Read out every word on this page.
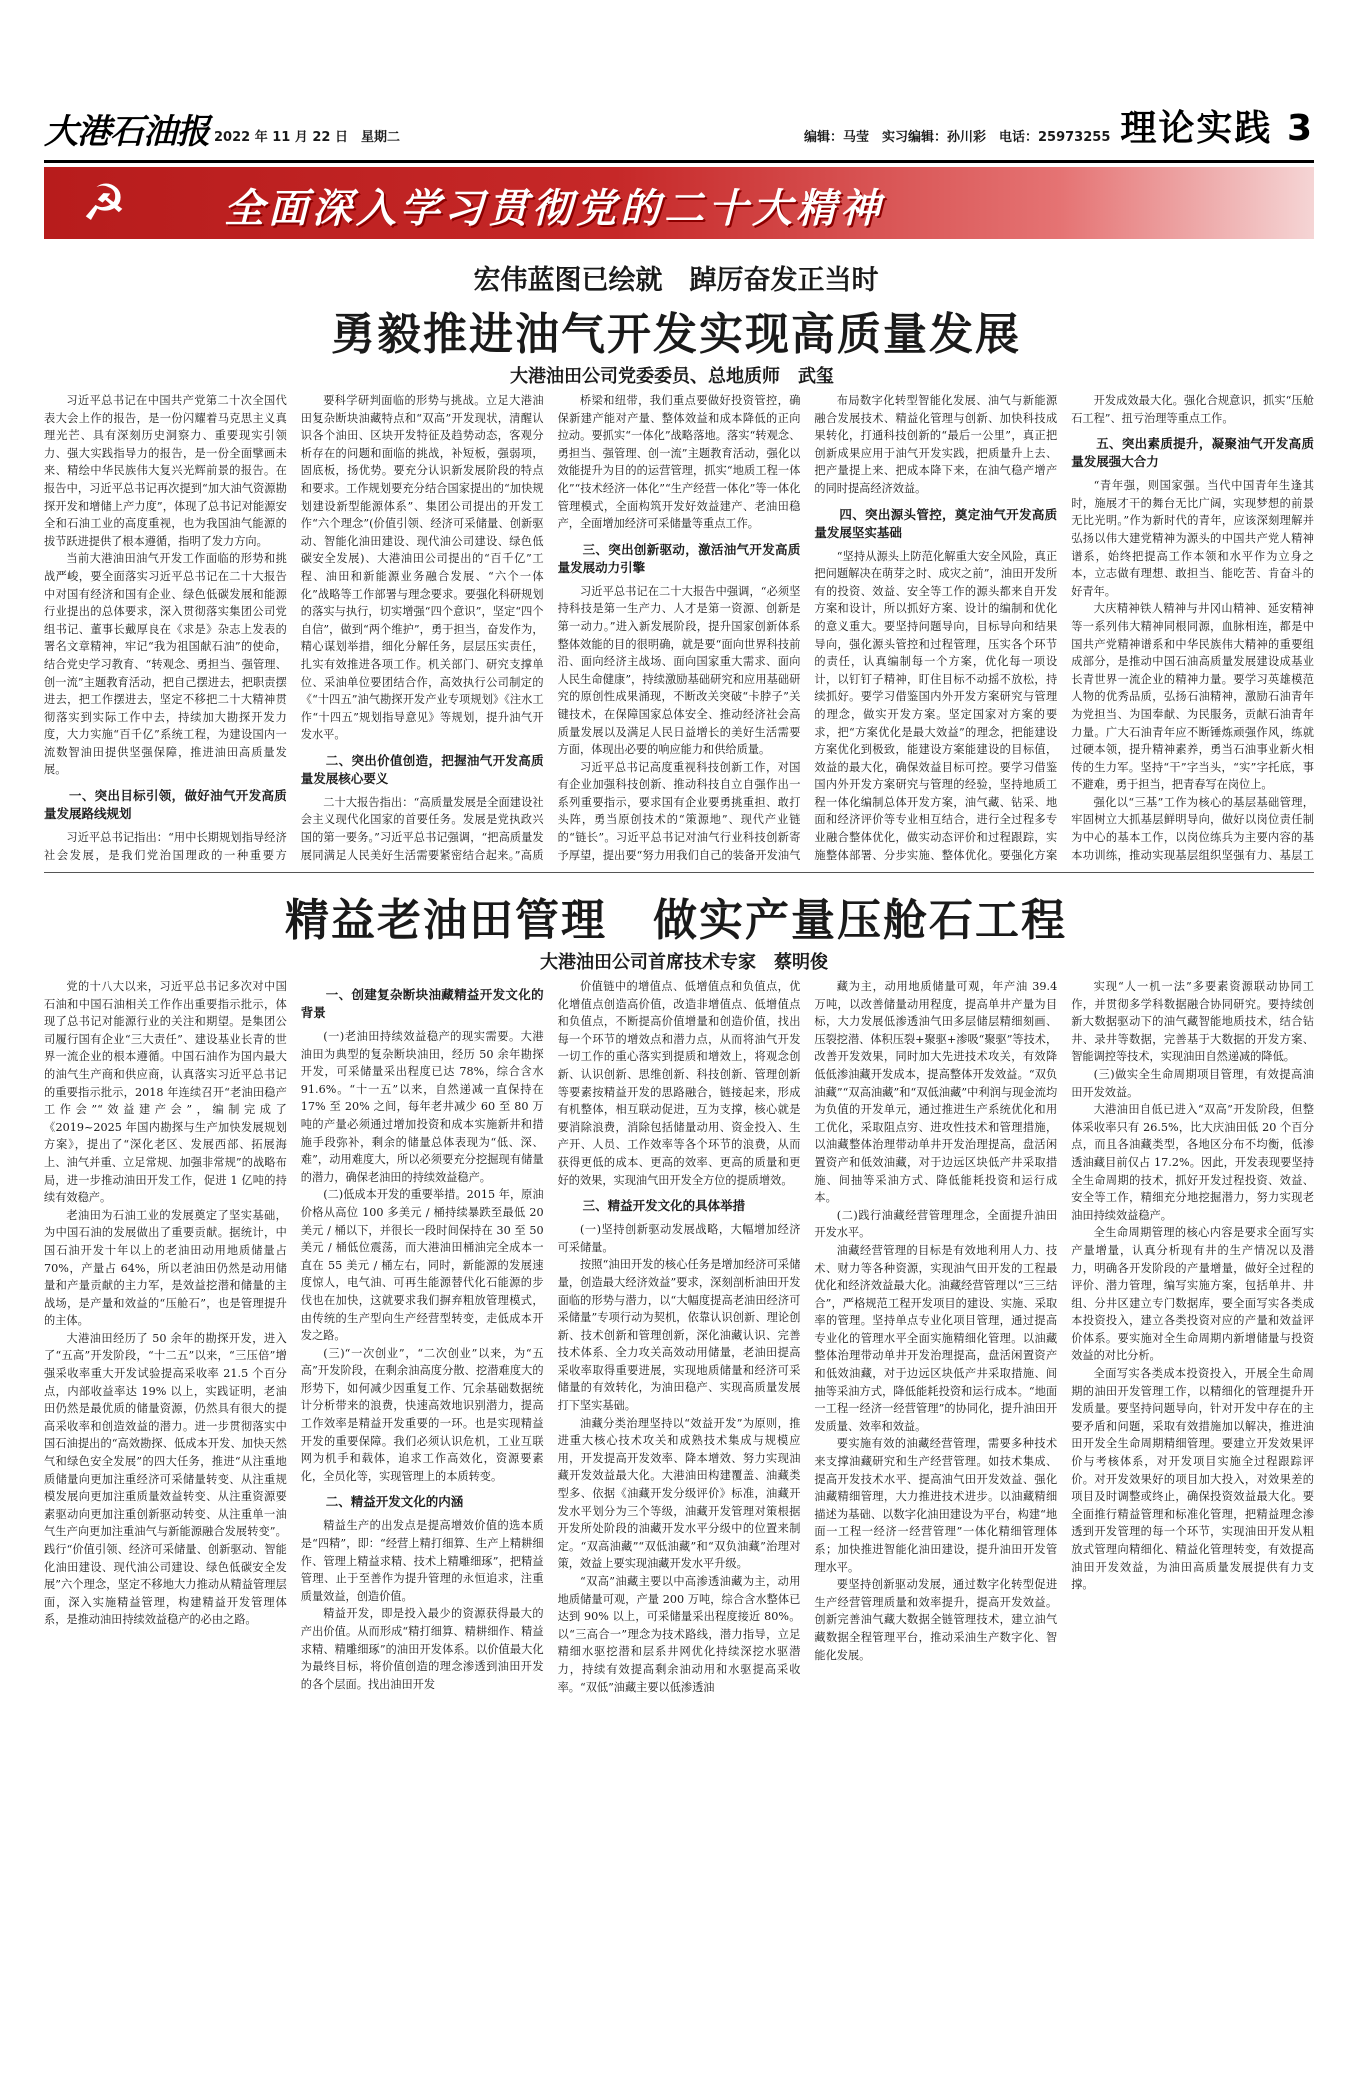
大港石油报 2022 年 11 月 22 日　星期二	编辑：马莹　实习编辑：孙川彩　电话：25973255 理论实践 3
☭ 全面深入学习贯彻党的二十大精神
宏伟蓝图已绘就　踔厉奋发正当时
勇毅推进油气开发实现高质量发展
大港油田公司党委委员、总地质师　武玺

习近平总书记在中国共产党第二十次全国代表大会上作的报告，是一份闪耀着马克思主义真理光芒、具有深刻历史洞察力、重要现实引领力、强大实践指导力的报告，是一份全面擘画未来、精绘中华民族伟大复兴光辉前景的报告。在报告中，习近平总书记再次提到“加大油气资源勘探开发和增储上产力度”，体现了总书记对能源安全和石油工业的高度重视，也为我国油气能源的拔节跃进提供了根本遵循，指明了发力方向。

当前大港油田油气开发工作面临的形势和挑战严峻，要全面落实习近平总书记在二十大报告中对国有经济和国有企业、绿色低碳发展和能源行业提出的总体要求，深入贯彻落实集团公司党组书记、董事长戴厚良在《求是》杂志上发表的署名文章精神，牢记“我为祖国献石油”的使命，结合党史学习教育、“转观念、勇担当、强管理、创一流”主题教育活动，把自己摆进去，把职责摆进去，把工作摆进去，坚定不移把二十大精神贯彻落实到实际工作中去，持续加大勘探开发力度，大力实施“百千亿”系统工程，为建设国内一流数智油田提供坚强保障，推进油田高质量发展。

一、突出目标引领，做好油气开发高质量发展路线规划

习近平总书记指出：“用中长期规划指导经济社会发展，是我们党治国理政的一种重要方

要科学研判面临的形势与挑战。立足大港油田复杂断块油藏特点和“双高”开发现状，清醒认识各个油田、区块开发特征及趋势动态，客观分析存在的问题和面临的挑战，补短板，强弱项，固底板，扬优势。要充分认识新发展阶段的特点和要求。工作规划要充分结合国家提出的“加快规划建设新型能源体系”、集团公司提出的开发工作“六个理念”(价值引领、经济可采储量、创新驱动、智能化油田建设、现代油公司建设、绿色低碳安全发展)、大港油田公司提出的“百千亿”工程、油田和新能源业务融合发展、“六个一体化”战略等工作部署与理念要求。要强化科研规划的落实与执行，切实增强“四个意识”，坚定“四个自信”，做到“两个维护”，勇于担当，奋发作为，精心谋划举措，细化分解任务，层层压实责任，扎实有效推进各项工作。机关部门、研究支撑单位、采油单位要团结合作，高效执行公司制定的《“十四五”油气勘探开发产业专项规划》《注水工作“十四五”规划指导意见》等规划，提升油气开发水平。

二、突出价值创造，把握油气开发高质量发展核心要义

二十大报告指出：“高质量发展是全面建设社会主义现代化国家的首要任务。发展是党执政兴国的第一要务。”习近平总书记强调，“把高质量发展同满足人民美好生活需要紧密结合起来。”高质

桥梁和纽带，我们重点要做好投资管控，确保新建产能对产量、整体效益和成本降低的正向拉动。要抓实“一体化”战略落地。落实“转观念、勇担当、强管理、创一流”主题教育活动，强化以效能提升为目的的运营管理，抓实“地质工程一体化”“技术经济一体化”“生产经营一体化”等一体化管理模式，全面构筑开发好效益建产、老油田稳产，全面增加经济可采储量等重点工作。

三、突出创新驱动，激活油气开发高质量发展动力引擎

习近平总书记在二十大报告中强调，“必须坚持科技是第一生产力、人才是第一资源、创新是第一动力。”进入新发展阶段，提升国家创新体系整体效能的目的很明确，就是要“面向世界科技前沿、面向经济主战场、面向国家重大需求、面向人民生命健康”，持续激励基础研究和应用基础研究的原创性成果涌现，不断改关突破“卡脖子”关键技术，在保障国家总体安全、推动经济社会高质量发展以及满足人民日益增长的美好生活需要方面，体现出必要的响应能力和供给质量。

习近平总书记高度重视科技创新工作，对国有企业加强科技创新、推动科技自立自强作出一系列重要指示，要求国有企业要勇挑重担、敢打头阵，勇当原创技术的“策源地”、现代产业链的“链长”。习近平总书记对油气行业科技创新寄予厚望，提出要“努力用我们自己的装备开发油气

布局数字化转型智能化发展、油气与新能源融合发展技术、精益化管理与创新、加快科技成果转化，打通科技创新的“最后一公里”，真正把创新成果应用于油气开发实践，把质量升上去、把产量提上来、把成本降下来，在油气稳产增产的同时提高经济效益。

四、突出源头管控，奠定油气开发高质量发展坚实基础

“坚持从源头上防范化解重大安全风险，真正把问题解决在萌芽之时、成灾之前”，油田开发所有的投资、效益、安全等工作的源头都来自开发方案和设计，所以抓好方案、设计的编制和优化的意义重大。要坚持问题导向，目标导向和结果导向，强化源头管控和过程管理，压实各个环节的责任，认真编制每一个方案，优化每一项设计，以钉钉子精神，盯住目标不动摇不放松，持续抓好。要学习借鉴国内外开发方案研究与管理的理念，做实开发方案。坚定国家对方案的要求，把“方案优化是最大效益”的理念，把能建设方案优化到极致，能建设方案能建设的目标值，效益的最大化，确保效益目标可控。要学习借鉴国内外开发方案研究与管理的经验，坚持地质工程一体化编制总体开发方案，油气藏、钻采、地面和经济评价等专业相互结合，进行全过程多专业融合整体优化，做实动态评价和过程跟踪，实施整体部署、分步实施、整体优化。要强化方案

开发成效最大化。强化合规意识，抓实“压舱石工程”、扭亏治理等重点工作。

五、突出素质提升，凝聚油气开发高质量发展强大合力

“青年强，则国家强。当代中国青年生逢其时，施展才干的舞台无比广阔，实现梦想的前景无比光明。”作为新时代的青年，应该深刻理解并弘扬以伟大建党精神为源头的中国共产党人精神谱系，始终把提高工作本领和水平作为立身之本，立志做有理想、敢担当、能吃苦、肯奋斗的好青年。

大庆精神铁人精神与井冈山精神、延安精神等一系列伟大精神同根同源，血脉相连，都是中国共产党精神谱系和中华民族伟大精神的重要组成部分，是推动中国石油高质量发展建设成基业长青世界一流企业的精神力量。要学习英雄模范人物的优秀品质，弘扬石油精神，激励石油青年为党担当、为国奉献、为民服务，贡献石油青年力量。广大石油青年应不断锤炼顽强作风，练就过硬本领，提升精神素养，勇当石油事业新火相传的生力军。坚持“干”字当头，“实”字托底，事不避难，勇于担当，把青春写在岗位上。

强化以“三基”工作为核心的基层基础管理，牢固树立大抓基层鲜明导向，做好以岗位责任制为中心的基本工作，以岗位练兵为主要内容的基本功训练，推动实现基层组织坚强有力、基层工

精益老油田管理　做实产量压舱石工程
大港油田公司首席技术专家　蔡明俊

党的十八大以来，习近平总书记多次对中国石油和中国石油相关工作作出重要指示批示，体现了总书记对能源行业的关注和期望。是集团公司履行国有企业“三大责任”、建设基业长青的世界一流企业的根本遵循。中国石油作为国内最大的油气生产商和供应商，认真落实习近平总书记的重要指示批示，2018 年连续召开“老油田稳产工作会”“效益建产会”，编制完成了《2019~2025 年国内勘探与生产加快发展规划方案》，提出了“深化老区、发展西部、拓展海上、油气并重、立足常规、加强非常规”的战略布局，进一步推动油田开发工作，促进 1 亿吨的持续有效稳产。

老油田为石油工业的发展奠定了坚实基础，为中国石油的发展做出了重要贡献。据统计，中国石油开发十年以上的老油田动用地质储量占 70%，产量占 64%，所以老油田仍然是动用储量和产量贡献的主力军，是效益挖潜和储量的主战场，是产量和效益的“压舱石”，也是管理提升的主体。

大港油田经历了 50 余年的勘探开发，进入了“五高”开发阶段，“十二五”以来，“三压倍”增强采收率重大开发试验提高采收率 21.5 个百分点，内部收益率达 19% 以上，实践证明，老油田仍然是最优质的储量资源，仍然具有很大的提高采收率和创造效益的潜力。进一步贯彻落实中国石油提出的“高效勘探、低成本开发、加快天然气和绿色安全发展”的四大任务，推进“从注重地质储量向更加注重经济可采储量转变、从注重规模发展向更加注重质量效益转变、从注重资源要素驱动向更加注重创新驱动转变、从注重单一油气生产向更加注重油气与新能源融合发展转变”。践行“价值引领、经济可采储量、创新驱动、智能化油田建设、现代油公司建设、绿色低碳安全发展”六个理念，坚定不移地大力推动从精益管理层面，深入实施精益管理，构建精益开发管理体系，是推动油田持续效益稳产的必由之路。

一、创建复杂断块油藏精益开发文化的背景

(一)老油田持续效益稳产的现实需要。大港油田为典型的复杂断块油田，经历 50 余年勘探开发，可采储量采出程度已达 78%，综合含水 91.6%。“十一五”以来，自然递减一直保持在 17% 至 20% 之间，每年老井减少 60 至 80 万吨的产量必须通过增加投资和成本实施新井和措施手段弥补，剩余的储量总体表现为“低、深、难”，动用难度大，所以必须要充分挖掘现有储量的潜力，确保老油田的持续效益稳产。

(二)低成本开发的重要举措。2015 年，原油价格从高位 100 多美元 / 桶持续暴跌至最低 20 美元 / 桶以下，并很长一段时间保持在 30 至 50 美元 / 桶低位震荡，而大港油田桶油完全成本一直在 55 美元 / 桶左右，同时，新能源的发展速度惊人，电气油、可再生能源替代化石能源的步伐也在加快，这就要求我们摒弃粗放管理模式，由传统的生产型向生产经营型转变，走低成本开发之路。

(三)“一次创业”，“二次创业”以来，为“五高”开发阶段，在剩余油高度分散、挖潜难度大的形势下，如何减少因重复工作、冗余基础数据统计分析带来的浪费，快速高效地识别潜力，提高工作效率是精益开发重要的一环。也是实现精益开发的重要保障。我们必须认识危机，工业互联网为机手和载体，追求工作高效化，资源要素化，全员化等，实现管理上的本质转变。

二、精益开发文化的内涵

精益生产的出发点是提高增效价值的选本质是“四精”，即：“经营上精打细算、生产上精耕细作、管理上精益求精、技术上精雕细琢”，把精益管理、止于至善作为提升管理的永恒追求，注重质量效益，创造价值。

精益开发，即是投入最少的资源获得最大的产出价值。从而形成“精打细算、精耕细作、精益求精、精雕细琢”的油田开发体系。以价值最大化为最终目标，将价值创造的理念渗透到油田开发的各个层面。找出油田开发

价值链中的增值点、低增值点和负值点，优化增值点创造高价值，改造非增值点、低增值点和负值点，不断提高价值增量和创造价值，找出每一个环节的增效点和潜力点，从而将油气开发一切工作的重心落实到提质和增效上，将观念创新、认识创新、思维创新、科技创新、管理创新等要素按精益开发的思路融合，链接起来，形成有机整体，相互联动促进，互为支撑，核心就是要消除浪费，消除包括储量动用、资金投入、生产开、人员、工作效率等各个环节的浪费，从而获得更低的成本、更高的效率、更高的质量和更好的效果，实现油气田开发全方位的提质增效。

三、精益开发文化的具体举措

(一)坚持创新驱动发展战略，大幅增加经济可采储量。

按照“油田开发的核心任务是增加经济可采储量，创造最大经济效益”要求，深刻剖析油田开发面临的形势与潜力，以“大幅度提高老油田经济可采储量”专项行动为契机，依靠认识创新、理论创新、技术创新和管理创新，深化油藏认识、完善技术体系、全力攻关高效动用储量，老油田提高采收率取得重要进展，实现地质储量和经济可采储量的有效转化，为油田稳产、实现高质量发展打下坚实基础。

油藏分类治理坚持以“效益开发”为原则，推进重大核心技术攻关和成熟技术集成与规模应用，开发提高开发效率、降本增效、努力实现油藏开发效益最大化。大港油田构建覆盖、油藏类型多、依据《油藏开发分级评价》标准，油藏开发水平划分为三个等级，油藏开发管理对策根据开发所处阶段的油藏开发水平分级中的位置来制定。“双高油藏”“双低油藏”和“双负油藏”治理对策，效益上要实现油藏开发水平升级。

“双高”油藏主要以中高渗透油藏为主，动用地质储量可观，产量 200 万吨，综合含水整体已达到 90% 以上，可采储量采出程度接近 80%。以“三高合一”理念为技术路线，潜力指导，立足精细水驱挖潜和层系井网优化持续深挖水驱潜力，持续有效提高剩余油动用和水驱提高采收率。“双低”油藏主要以低渗透油

藏为主，动用地质储量可观，年产油 39.4 万吨，以改善储量动用程度，提高单井产量为目标，大力发展低渗透油气田多层储层精细刻画、压裂挖潜、体积压裂+聚驱+渗吸“聚驱”等技术，改善开发效果，同时加大先进技术攻关，有效降低低渗油藏开发成本，提高整体开发效益。“双负油藏”“双高油藏”和“双低油藏”中利润与现金流均为负值的开发单元，通过推进生产系统优化和用工优化，采取阻点穷、进攻性技术和管理措施，以油藏整体治理带动单井开发治理提高，盘活闲置资产和低效油藏，对于边远区块低产井采取措施、间抽等采油方式、降低能耗投资和运行成本。

(二)践行油藏经营管理理念，全面提升油田开发水平。

油藏经营管理的目标是有效地利用人力、技术、财力等各种资源，实现油气田开发的工程最优化和经济效益最大化。油藏经营管理以“三三结合”，严格规范工程开发项目的建设、实施、采取率的管理。坚持单点专业化项目管理，通过提高专业化的管理水平全面实施精细化管理。以油藏整体治理带动单井开发治理提高，盘活闲置资产和低效油藏，对于边远区块低产井采取措施、间抽等采油方式，降低能耗投资和运行成本。“地面一工程一经济一经营管理”的协同化，提升油田开发质量、效率和效益。

要实施有效的油藏经营管理，需要多种技术来支撑油藏研究和生产经营管理。如技术集成、提高开发技术水平、提高油气田开发效益、强化油藏精细管理，大力推进技术进步。以油藏精细描述为基础、以数字化油田建设为平台，构建“地面一工程一经济一经营管理”一体化精细管理体系；加快推进智能化油田建设，提升油田开发管理水平。

要坚持创新驱动发展，通过数字化转型促进生产经营管理质量和效率提升，提高开发效益。创新完善油气藏大数据全链管理技术，建立油气藏数据全程管理平台，推动采油生产数字化、智能化发展。

实现“人一机一法”多要素资源联动协同工作，并贯彻多学科数据融合协同研究。要持续创新大数据驱动下的油气藏智能地质技术，结合钻井、录井等数据，完善基于大数据的开发方案、智能调控等技术，实现油田自然递减的降低。

(三)做实全生命周期项目管理，有效提高油田开发效益。

大港油田自低已进入“双高”开发阶段，但整体采收率只有 26.5%，比大庆油田低 20 个百分点，而且各油藏类型，各地区分布不均衡，低渗透油藏目前仅占 17.2%。因此，开发表现要坚持全生命周期的技术，抓好开发过程投资、效益、安全等工作，精细充分地挖掘潜力，努力实现老油田持续效益稳产。

全生命周期管理的核心内容是要求全面写实产量增量，认真分析现有井的生产情况以及潜力，明确各开发阶段的产量增量，做好全过程的评价、潜力管理，编写实施方案，包括单井、井组、分井区建立专门数据库，要全面写实各类成本投资投入，建立各类投资对应的产量和效益评价体系。要实施对全生命周期内新增储量与投资效益的对比分析。

全面写实各类成本投资投入，开展全生命周期的油田开发管理工作，以精细化的管理提升开发质量。要坚持问题导向，针对开发中存在的主要矛盾和问题，采取有效措施加以解决，推进油田开发全生命周期精细管理。要建立开发效果评价与考核体系，对开发项目实施全过程跟踪评价。对开发效果好的项目加大投入，对效果差的项目及时调整或终止，确保投资效益最大化。要全面推行精益管理和标准化管理，把精益理念渗透到开发管理的每一个环节，实现油田开发从粗放式管理向精细化、精益化管理转变，有效提高油田开发效益，为油田高质量发展提供有力支撑。
